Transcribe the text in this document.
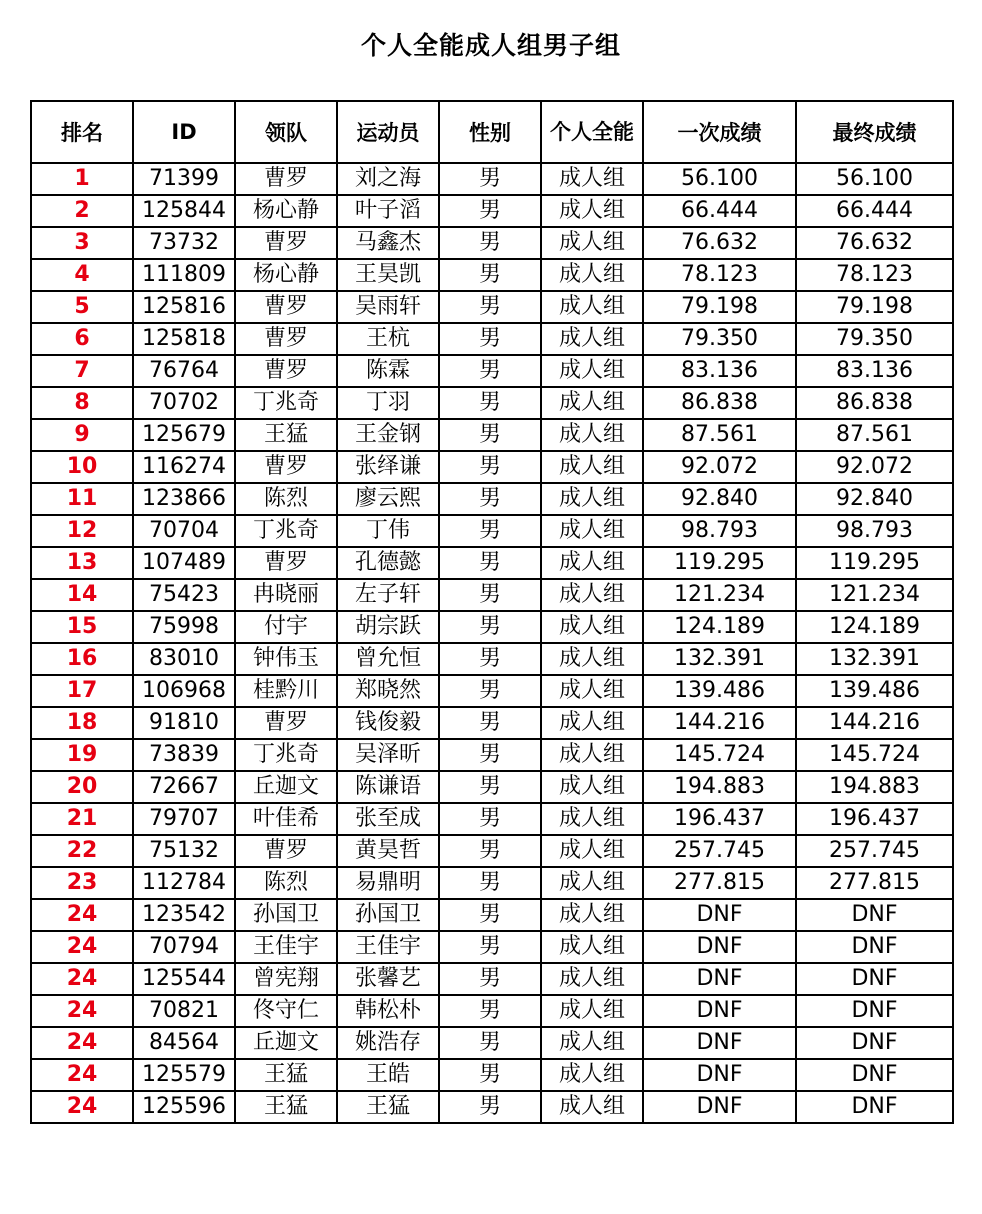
个人全能成人组男子组
排名	ID	领队	运动员	性别	个人全能	一次成绩	最终成绩
1	71399	曹罗	刘之海	男	成人组	56.100	56.100
2	125844	杨心静	叶子滔	男	成人组	66.444	66.444
3	73732	曹罗	马鑫杰	男	成人组	76.632	76.632
4	111809	杨心静	王昊凯	男	成人组	78.123	78.123
5	125816	曹罗	吴雨轩	男	成人组	79.198	79.198
6	125818	曹罗	王杭	男	成人组	79.350	79.350
7	76764	曹罗	陈霖	男	成人组	83.136	83.136
8	70702	丁兆奇	丁羽	男	成人组	86.838	86.838
9	125679	王猛	王金钢	男	成人组	87.561	87.561
10	116274	曹罗	张绎谦	男	成人组	92.072	92.072
11	123866	陈烈	廖云熙	男	成人组	92.840	92.840
12	70704	丁兆奇	丁伟	男	成人组	98.793	98.793
13	107489	曹罗	孔德懿	男	成人组	119.295	119.295
14	75423	冉晓丽	左子轩	男	成人组	121.234	121.234
15	75998	付宇	胡宗跃	男	成人组	124.189	124.189
16	83010	钟伟玉	曾允恒	男	成人组	132.391	132.391
17	106968	桂黔川	郑晓然	男	成人组	139.486	139.486
18	91810	曹罗	钱俊毅	男	成人组	144.216	144.216
19	73839	丁兆奇	吴泽昕	男	成人组	145.724	145.724
20	72667	丘迦文	陈谦语	男	成人组	194.883	194.883
21	79707	叶佳希	张至成	男	成人组	196.437	196.437
22	75132	曹罗	黄昊哲	男	成人组	257.745	257.745
23	112784	陈烈	易鼎明	男	成人组	277.815	277.815
24	123542	孙国卫	孙国卫	男	成人组	DNF	DNF
24	70794	王佳宇	王佳宇	男	成人组	DNF	DNF
24	125544	曾宪翔	张馨艺	男	成人组	DNF	DNF
24	70821	佟守仁	韩松朴	男	成人组	DNF	DNF
24	84564	丘迦文	姚浩存	男	成人组	DNF	DNF
24	125579	王猛	王皓	男	成人组	DNF	DNF
24	125596	王猛	王猛	男	成人组	DNF	DNF
